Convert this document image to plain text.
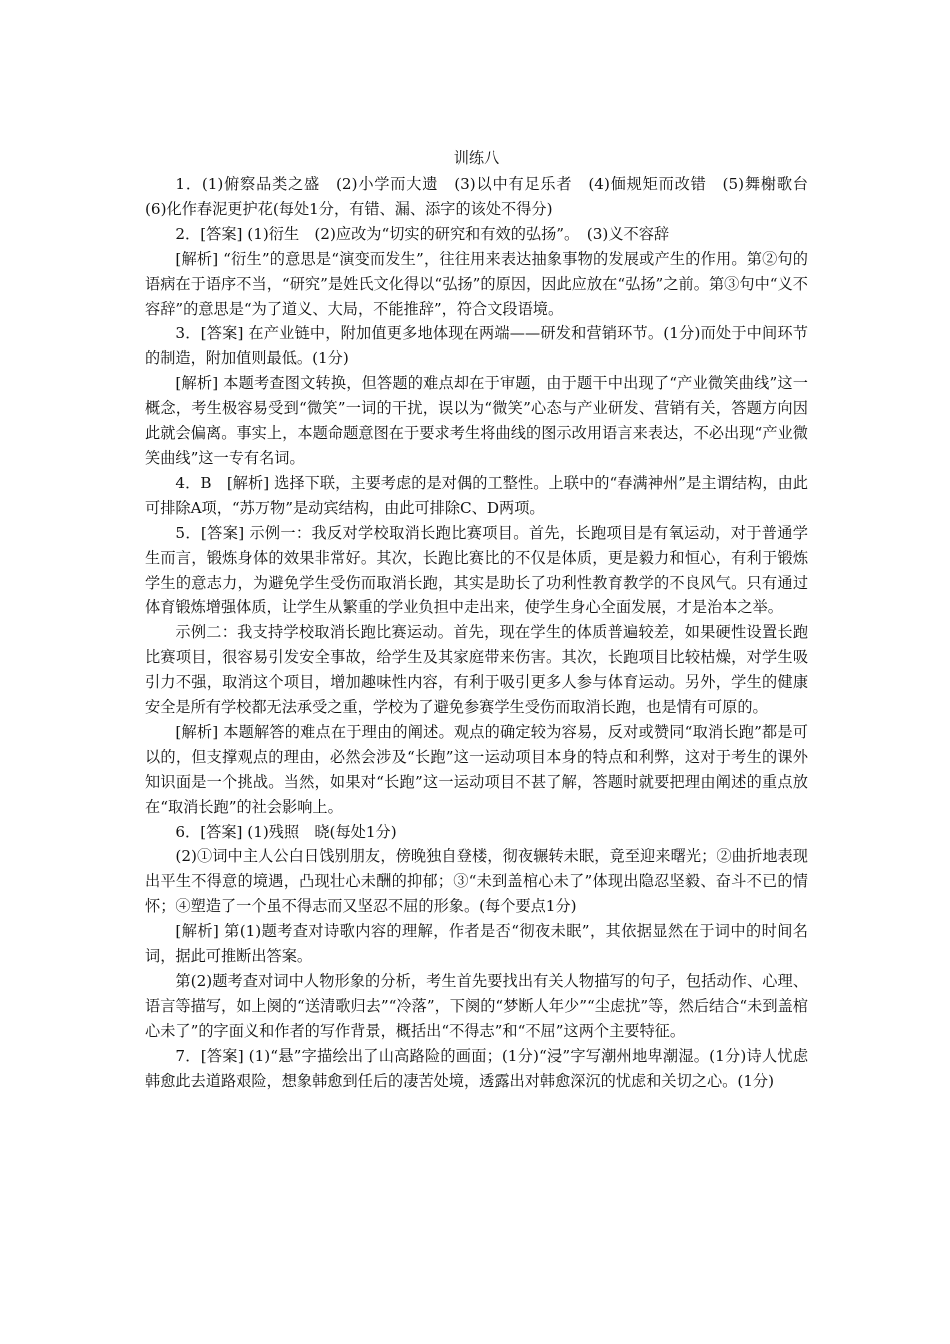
训练八

1．(1)俯察品类之盛　(2)小学而大遗　(3)以中有足乐者　(4)偭规矩而改错　(5)舞榭歌台　(6)化作春泥更护花(每处1分，有错、漏、添字的该处不得分)

2．[答案] (1)衍生　(2)应改为“切实的研究和有效的弘扬”。　(3)义不容辞

[解析] “衍生”的意思是“演变而发生”，往往用来表达抽象事物的发展或产生的作用。第②句的语病在于语序不当，“研究”是姓氏文化得以“弘扬”的原因，因此应放在“弘扬”之前。第③句中“义不容辞”的意思是“为了道义、大局，不能推辞”，符合文段语境。

3．[答案] 在产业链中，附加值更多地体现在两端——研发和营销环节。(1分)而处于中间环节的制造，附加值则最低。(1分)

[解析] 本题考查图文转换，但答题的难点却在于审题，由于题干中出现了“产业微笑曲线”这一概念，考生极容易受到“微笑”一词的干扰，误以为“微笑”心态与产业研发、营销有关，答题方向因此就会偏离。事实上，本题命题意图在于要求考生将曲线的图示改用语言来表达，不必出现“产业微笑曲线”这一专有名词。

4．B　[解析] 选择下联，主要考虑的是对偶的工整性。上联中的“春满神州”是主谓结构，由此可排除A项，“苏万物”是动宾结构，由此可排除C、D两项。

5．[答案] 示例一：我反对学校取消长跑比赛项目。首先，长跑项目是有氧运动，对于普通学生而言，锻炼身体的效果非常好。其次，长跑比赛比的不仅是体质，更是毅力和恒心，有利于锻炼学生的意志力，为避免学生受伤而取消长跑，其实是助长了功利性教育教学的不良风气。只有通过体育锻炼增强体质，让学生从繁重的学业负担中走出来，使学生身心全面发展，才是治本之举。

示例二：我支持学校取消长跑比赛运动。首先，现在学生的体质普遍较差，如果硬性设置长跑比赛项目，很容易引发安全事故，给学生及其家庭带来伤害。其次，长跑项目比较枯燥，对学生吸引力不强，取消这个项目，增加趣味性内容，有利于吸引更多人参与体育运动。另外，学生的健康安全是所有学校都无法承受之重，学校为了避免参赛学生受伤而取消长跑，也是情有可原的。

[解析] 本题解答的难点在于理由的阐述。观点的确定较为容易，反对或赞同“取消长跑”都是可以的，但支撑观点的理由，必然会涉及“长跑”这一运动项目本身的特点和利弊，这对于考生的课外知识面是一个挑战。当然，如果对“长跑”这一运动项目不甚了解，答题时就要把理由阐述的重点放在“取消长跑”的社会影响上。

6．[答案] (1)残照　晓(每处1分)

(2)①词中主人公白日饯别朋友，傍晚独自登楼，彻夜辗转未眠，竟至迎来曙光；②曲折地表现出平生不得意的境遇，凸现壮心未酬的抑郁；③“未到盖棺心未了”体现出隐忍坚毅、奋斗不已的情怀；④塑造了一个虽不得志而又坚忍不屈的形象。(每个要点1分)

[解析] 第(1)题考查对诗歌内容的理解，作者是否“彻夜未眠”，其依据显然在于词中的时间名词，据此可推断出答案。

第(2)题考查对词中人物形象的分析，考生首先要找出有关人物描写的句子，包括动作、心理、语言等描写，如上阕的“送清歌归去”“冷落”，下阕的“梦断人年少”“尘虑扰”等，然后结合“未到盖棺心未了”的字面义和作者的写作背景，概括出“不得志”和“不屈”这两个主要特征。

7．[答案] (1)“悬”字描绘出了山高路险的画面；(1分)“浸”字写潮州地卑潮湿。(1分)诗人忧虑韩愈此去道路艰险，想象韩愈到任后的凄苦处境，透露出对韩愈深沉的忧虑和关切之心。(1分)
